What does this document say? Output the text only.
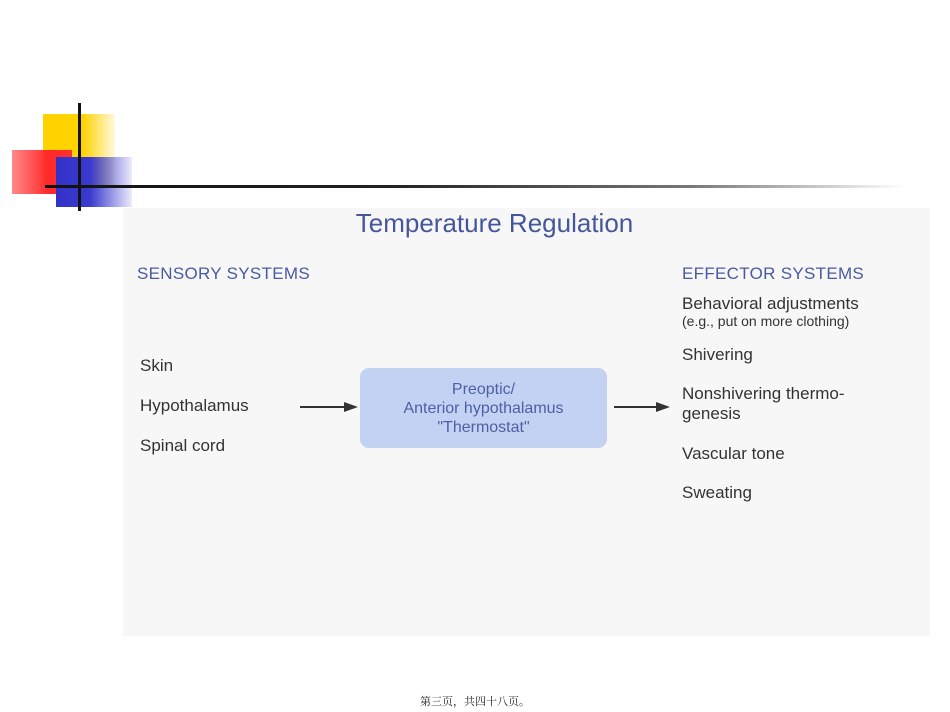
Temperature Regulation
SENSORY SYSTEMS	EFFECTOR SYSTEMS
Skin
Hypothalamus
Spinal cord
Preoptic/
Anterior hypothalamus
"Thermostat"
Behavioral adjustments
(e.g., put on more clothing)
Shivering
Nonshivering thermo-
genesis
Vascular tone
Sweating
第三页，共四十八页。
